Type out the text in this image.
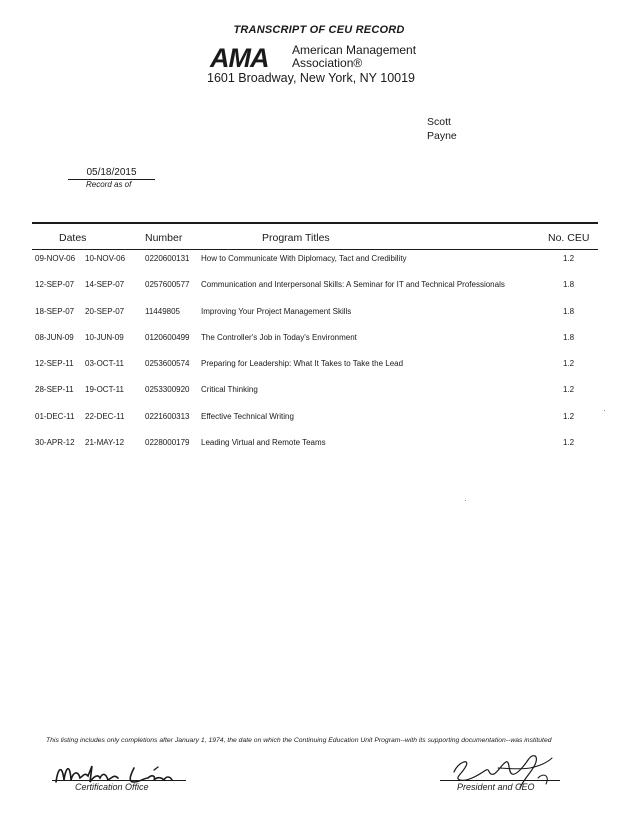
TRANSCRIPT OF CEU RECORD
AMA American Management
Association®
1601 Broadway, New York, NY 10019
Scott
Payne
05/18/2015
Record as of
Dates	Number	Program Titles	No. CEU
09-NOV-06 10-NOV-06 0220600131 How to Communicate With Diplomacy, Tact and Credibility	1.2
12-SEP-07 14-SEP-07	0257600577 Communication and Interpersonal Skills: A Seminar for IT and Technical Professionals	1.8
18-SEP-07 20-SEP-07	11449805	Improving Your Project Management Skills	1.8
08-JUN-09 10-JUN-09	0120600499 The Controller's Job in Today's Environment	1.8
12-SEP-11 03-OCT-11	0253600574 Preparing for Leadership: What It Takes to Take the Lead	1.2
28-SEP-11 19-OCT-11	0253300920 Critical Thinking	1.2
01-DEC-11 22-DEC-11	0221600313 Effective Technical Writing	1.2
30-APR-12 21-MAY-12	0228000179 Leading Virtual and Remote Teams	1.2
This listing includes only completions after January 1, 1974, the date on which the Continuing Education Unit Program--with its supporting documentation--was instituted
Certification Office	President and CEO
